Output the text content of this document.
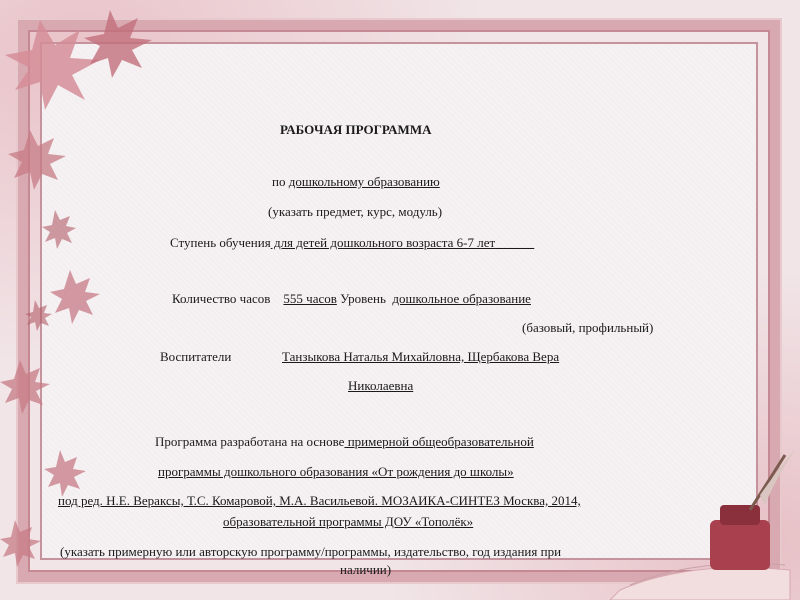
РАБОЧАЯ ПРОГРАММА
по дошкольному образованию
(указать предмет, курс, модуль)
Ступень обучения для детей дошкольного возраста 6-7 лет______
Количество часов 555 часов Уровень  дошкольное образование
(базовый, профильный)
Воспитатели	Танзыкова Наталья Михайловна, Щербакова Вера
Николаевна
Программа разработана на основе примерной общеобразовательной
программы дошкольного образования «От рождения до школы»
под ред. Н.Е. Вераксы, Т.С. Комаровой, М.А. Васильевой. МОЗАИКА-СИНТЕЗ Москва, 2014,
образовательной программы ДОУ «Тополёк»
(указать примерную или авторскую программу/программы, издательство, год издания при
наличии)
